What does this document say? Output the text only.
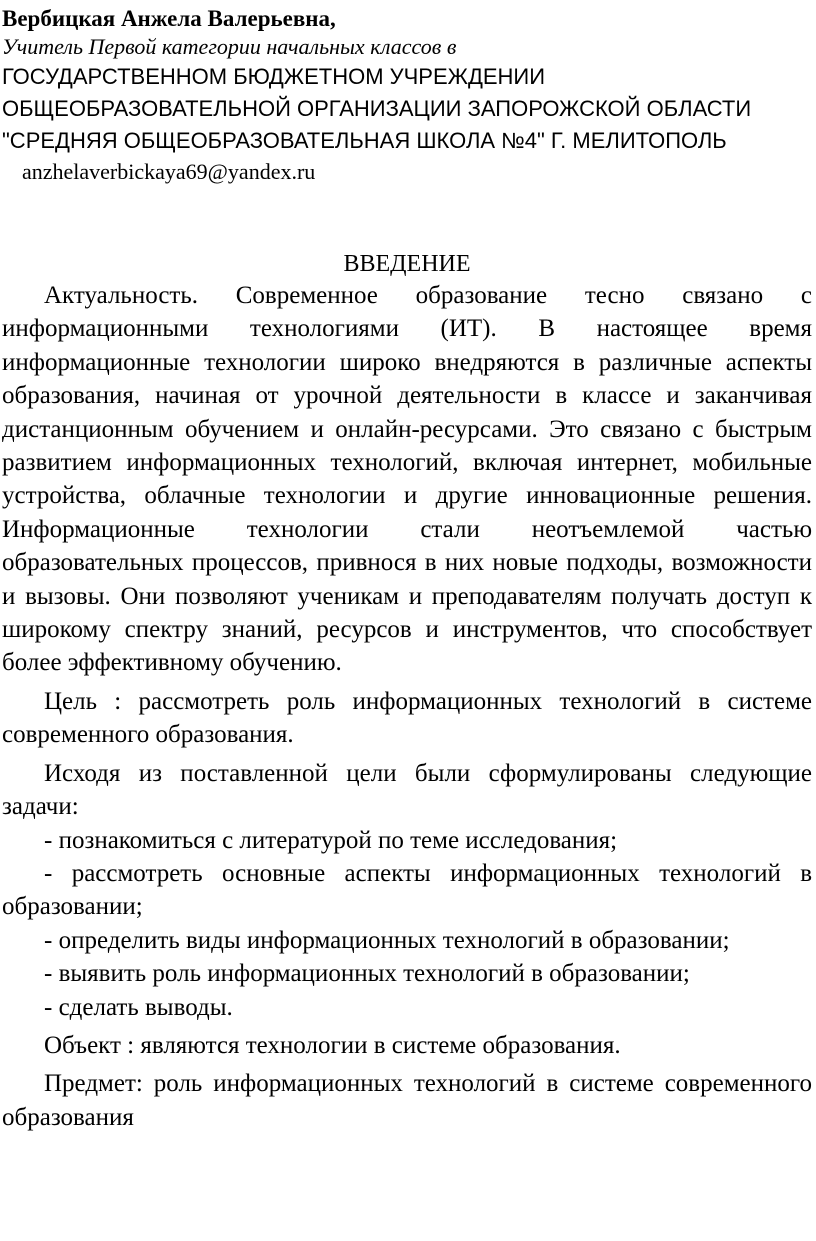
Вербицкая Анжела Валерьевна,
Учитель Первой категории начальных классов в
ГОСУДАРСТВЕННОМ БЮДЖЕТНОМ УЧРЕЖДЕНИИ ОБЩЕОБРАЗОВАТЕЛЬНОЙ ОРГАНИЗАЦИИ ЗАПОРОЖСКОЙ ОБЛАСТИ "СРЕДНЯЯ ОБЩЕОБРАЗОВАТЕЛЬНАЯ ШКОЛА №4" Г. МЕЛИТОПОЛЬ
anzhelaverbickaya69@yandex.ru
ВВЕДЕНИЕ

Актуальность. Современное образование тесно связано с информационными технологиями (ИТ). В настоящее время информационные технологии широко внедряются в различные аспекты образования, начиная от урочной деятельности в классе и заканчивая дистанционным обучением и онлайн-ресурсами. Это связано с быстрым развитием информационных технологий, включая интернет, мобильные устройства, облачные технологии и другие инновационные решения. Информационные технологии стали неотъемлемой частью образовательных процессов, привнося в них новые подходы, возможности и вызовы. Они позволяют ученикам и преподавателям получать доступ к широкому спектру знаний, ресурсов и инструментов, что способствует более эффективному обучению.

Цель : рассмотреть роль информационных технологий в системе современного образования.

Исходя из поставленной цели были сформулированы следующие задачи:

- познакомиться с литературой по теме исследования;

- рассмотреть основные аспекты информационных технологий в образовании;

- определить виды информационных технологий в образовании;

- выявить роль информационных технологий в образовании;

- сделать выводы.

Объект : являются технологии в системе образования.

Предмет: роль информационных технологий в системе современного образования
